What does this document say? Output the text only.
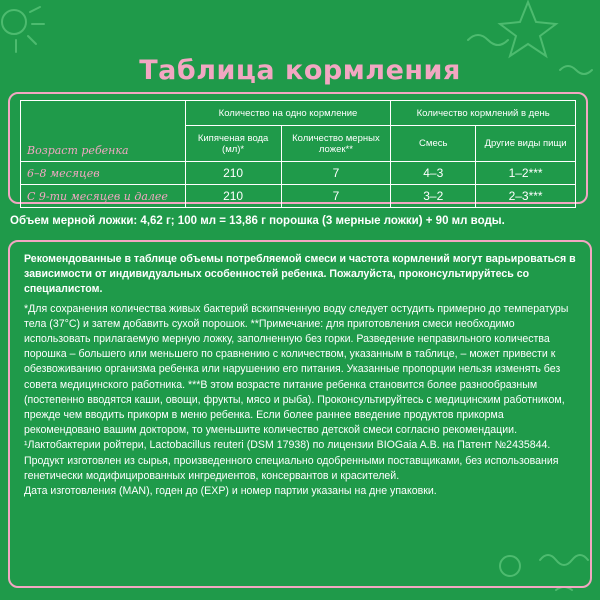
Таблица кормления
Возраст ребенка	Количество на одно кормление		Количество кормлений в день	
	Кипяченая вода (мл)*	Количество мерных ложек**	Смесь	Другие виды пищи
6–8 месяцев	210	7	4–3	1–2***
С 9-ти месяцев и далее	210	7	3–2	2–3***
Объем мерной ложки: 4,62 г; 100 мл = 13,86 г порошка (3 мерные ложки) + 90 мл воды.

Рекомендованные в таблице объемы потребляемой смеси и частота кормлений могут варьироваться в зависимости от индивидуальных особенностей ребенка. Пожалуйста, проконсультируйтесь со специалистом.

*Для сохранения количества живых бактерий вскипяченную воду следует остудить примерно до температуры тела (37°С) и затем добавить сухой порошок. **Примечание: для приготовления смеси необходимо использовать прилагаемую мерную ложку, заполненную без горки. Разведение неправильного количества порошка – большего или меньшего по сравнению с количеством, указанным в таблице, – может привести к обезвоживанию организма ребенка или нарушению его питания. Указанные пропорции нельзя изменять без совета медицинского работника. ***В этом возрасте питание ребенка становится более разнообразным (постепенно вводятся каши, овощи, фрукты, мясо и рыба). Проконсультируйтесь с медицинским работником, прежде чем вводить прикорм в меню ребенка. Если более раннее введение продуктов прикорма рекомендовано вашим доктором, то уменьшите количество детской смеси согласно рекомендации.

¹Лактобактерии ройтери, Lactobacillus reuteri (DSM 17938) по лицензии BIOGaia A.B. на Патент №2435844.

Продукт изготовлен из сырья, произведенного специально одобренными поставщиками, без использования генетически модифицированных ингредиентов, консервантов и красителей.

Дата изготовления (MAN), годен до (EXP) и номер партии указаны на дне упаковки.
